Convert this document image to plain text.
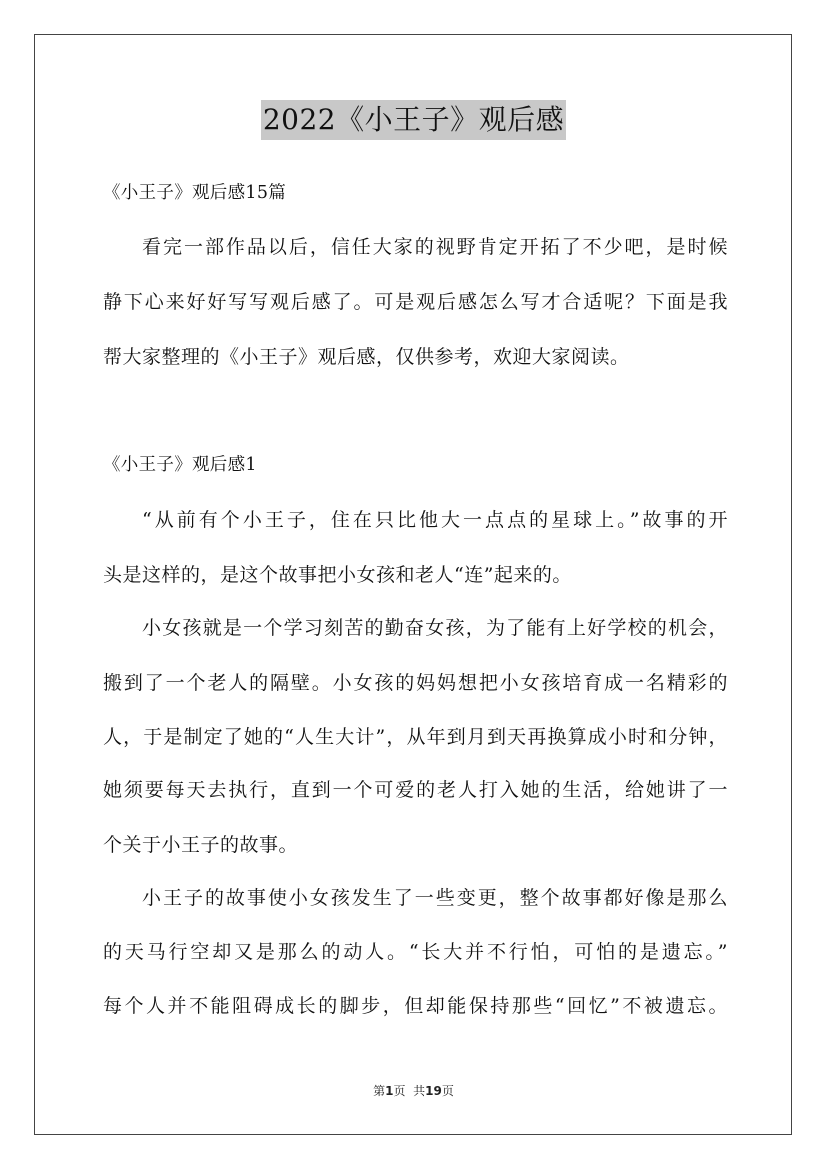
2022《小王子》观后感
《小王子》观后感15篇
看完一部作品以后，信任大家的视野肯定开拓了不少吧，是时候
静下心来好好写写观后感了。可是观后感怎么写才合适呢？下面是我
帮大家整理的《小王子》观后感，仅供参考，欢迎大家阅读。
《小王子》观后感1
“从前有个小王子，住在只比他大一点点的星球上。”故事的开
头是这样的，是这个故事把小女孩和老人“连”起来的。
小女孩就是一个学习刻苦的勤奋女孩，为了能有上好学校的机会，
搬到了一个老人的隔壁。小女孩的妈妈想把小女孩培育成一名精彩的
人，于是制定了她的“人生大计”，从年到月到天再换算成小时和分钟，
她须要每天去执行，直到一个可爱的老人打入她的生活，给她讲了一
个关于小王子的故事。
小王子的故事使小女孩发生了一些变更，整个故事都好像是那么
的天马行空却又是那么的动人。“长大并不行怕，可怕的是遗忘。”
每个人并不能阻碍成长的脚步，但却能保持那些“回忆”不被遗忘。
第1页 共19页
